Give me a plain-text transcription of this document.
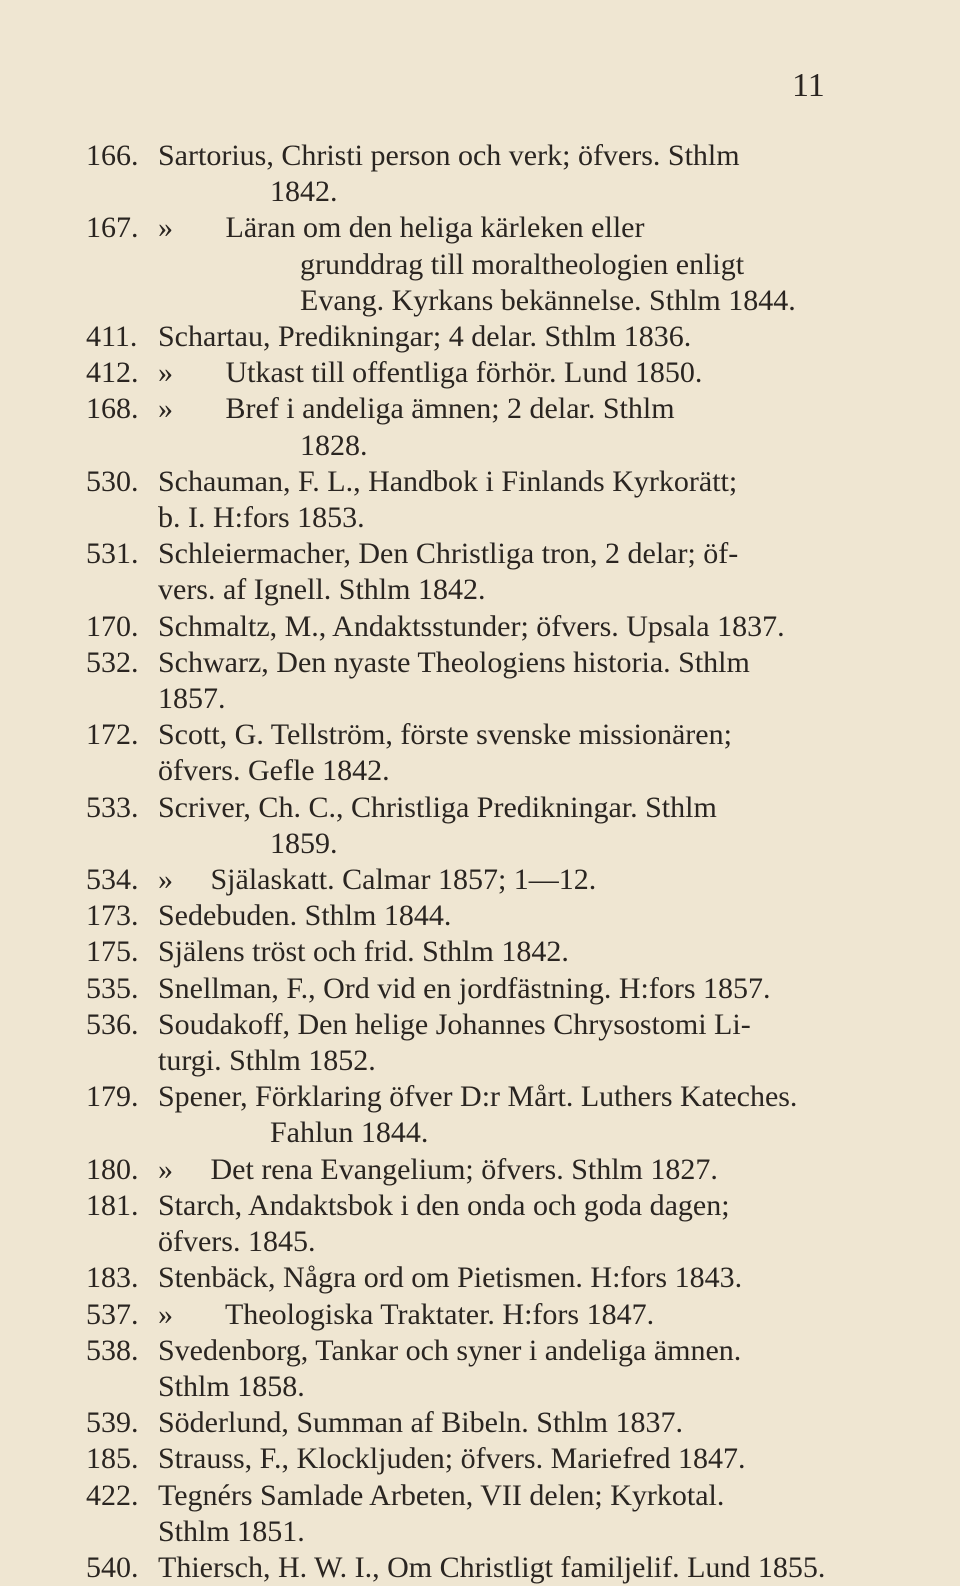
11
166. Sartorius, Christi person och verk; öfvers. Sthlm
1842.
167. »       Läran om den heliga kärleken eller
grunddrag till moraltheologien enligt
Evang. Kyrkans bekännelse. Sthlm 1844.
411. Schartau, Predikningar; 4 delar. Sthlm 1836.
412. »       Utkast till offentliga förhör. Lund 1850.
168. »       Bref i andeliga ämnen; 2 delar. Sthlm
1828.
530. Schauman, F. L., Handbok i Finlands Kyrkorätt;
b. I. H:fors 1853.
531. Schleiermacher, Den Christliga tron, 2 delar; öf-
vers. af Ignell. Sthlm 1842.
170. Schmaltz, M., Andaktsstunder; öfvers. Upsala 1837.
532. Schwarz, Den nyaste Theologiens historia. Sthlm
1857.
172. Scott, G. Tellström, förste svenske missionären;
öfvers. Gefle 1842.
533. Scriver, Ch. C., Christliga Predikningar. Sthlm
1859.
534. »     Själaskatt. Calmar 1857; 1—12.
173. Sedebuden. Sthlm 1844.
175. Själens tröst och frid. Sthlm 1842.
535. Snellman, F., Ord vid en jordfästning. H:fors 1857.
536. Soudakoff, Den helige Johannes Chrysostomi Li-
turgi. Sthlm 1852.
179. Spener, Förklaring öfver D:r Mårt. Luthers Kateches.
Fahlun 1844.
180. »     Det rena Evangelium; öfvers. Sthlm 1827.
181. Starch, Andaktsbok i den onda och goda dagen;
öfvers. 1845.
183. Stenbäck, Några ord om Pietismen. H:fors 1843.
537. »       Theologiska Traktater. H:fors 1847.
538. Svedenborg, Tankar och syner i andeliga ämnen.
Sthlm 1858.
539. Söderlund, Summan af Bibeln. Sthlm 1837.
185. Strauss, F., Klockljuden; öfvers. Mariefred 1847.
422. Tegnérs Samlade Arbeten, VII delen; Kyrkotal.
Sthlm 1851.
540. Thiersch, H. W. I., Om Christligt familjelif. Lund 1855.
